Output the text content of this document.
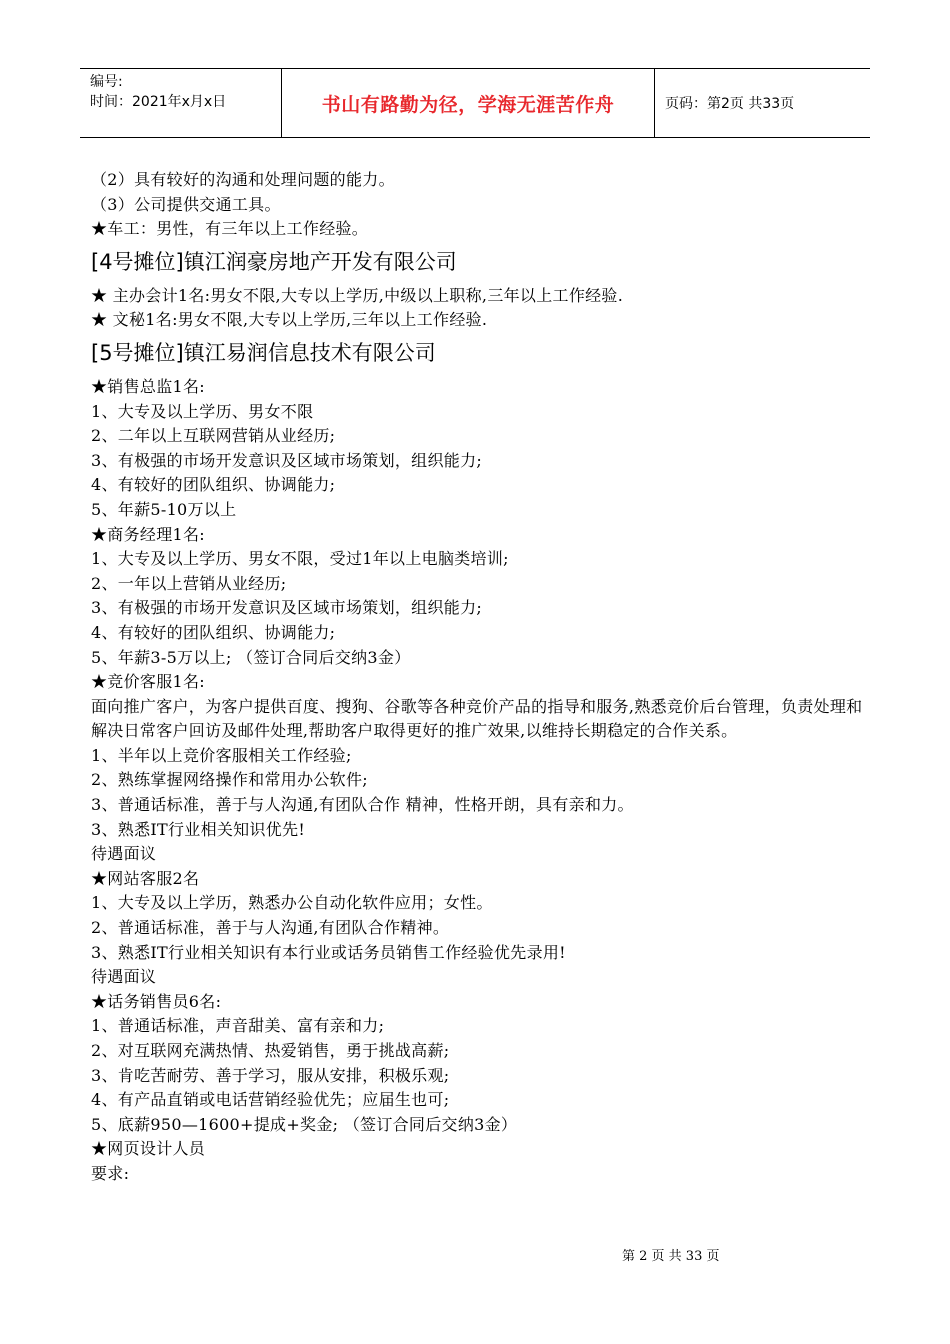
编号:
时间：2021年x月x日	书山有路勤为径，学海无涯苦作舟	页码：第2页 共33页
（2）具有较好的沟通和处理问题的能力。
（3）公司提供交通工具。
★车工：男性，有三年以上工作经验。
[4号摊位]镇江润豪房地产开发有限公司
★ 主办会计1名:男女不限,大专以上学历,中级以上职称,三年以上工作经验.
★ 文秘1名:男女不限,大专以上学历,三年以上工作经验.
[5号摊位]镇江易润信息技术有限公司
★销售总监1名:
1、大专及以上学历、男女不限
2、二年以上互联网营销从业经历;
3、有极强的市场开发意识及区域市场策划，组织能力;
4、有较好的团队组织、协调能力;
5、年薪5-10万以上
★商务经理1名:
1、大专及以上学历、男女不限，受过1年以上电脑类培训;
2、一年以上营销从业经历;
3、有极强的市场开发意识及区域市场策划，组织能力;
4、有较好的团队组织、协调能力;
5、年薪3-5万以上; （签订合同后交纳3金）
★竞价客服1名:
面向推广客户，为客户提供百度、搜狗、谷歌等各种竞价产品的指导和服务,熟悉竞价后台管理，负责处理和解决日常客户回访及邮件处理,帮助客户取得更好的推广效果,以维持长期稳定的合作关系。
1、半年以上竞价客服相关工作经验;
2、熟练掌握网络操作和常用办公软件;
3、普通话标准，善于与人沟通,有团队合作 精神，性格开朗，具有亲和力。
3、熟悉IT行业相关知识优先!
待遇面议
★网站客服2名
1、大专及以上学历，熟悉办公自动化软件应用；女性。
2、普通话标准，善于与人沟通,有团队合作精神。
3、熟悉IT行业相关知识有本行业或话务员销售工作经验优先录用!
待遇面议
★话务销售员6名:
1、普通话标准，声音甜美、富有亲和力;
2、对互联网充满热情、热爱销售，勇于挑战高薪;
3、肯吃苦耐劳、善于学习，服从安排，积极乐观;
4、有产品直销或电话营销经验优先；应届生也可;
5、底薪950—1600+提成+奖金; （签订合同后交纳3金）
★网页设计人员
要求:
第 2 页 共 33 页
